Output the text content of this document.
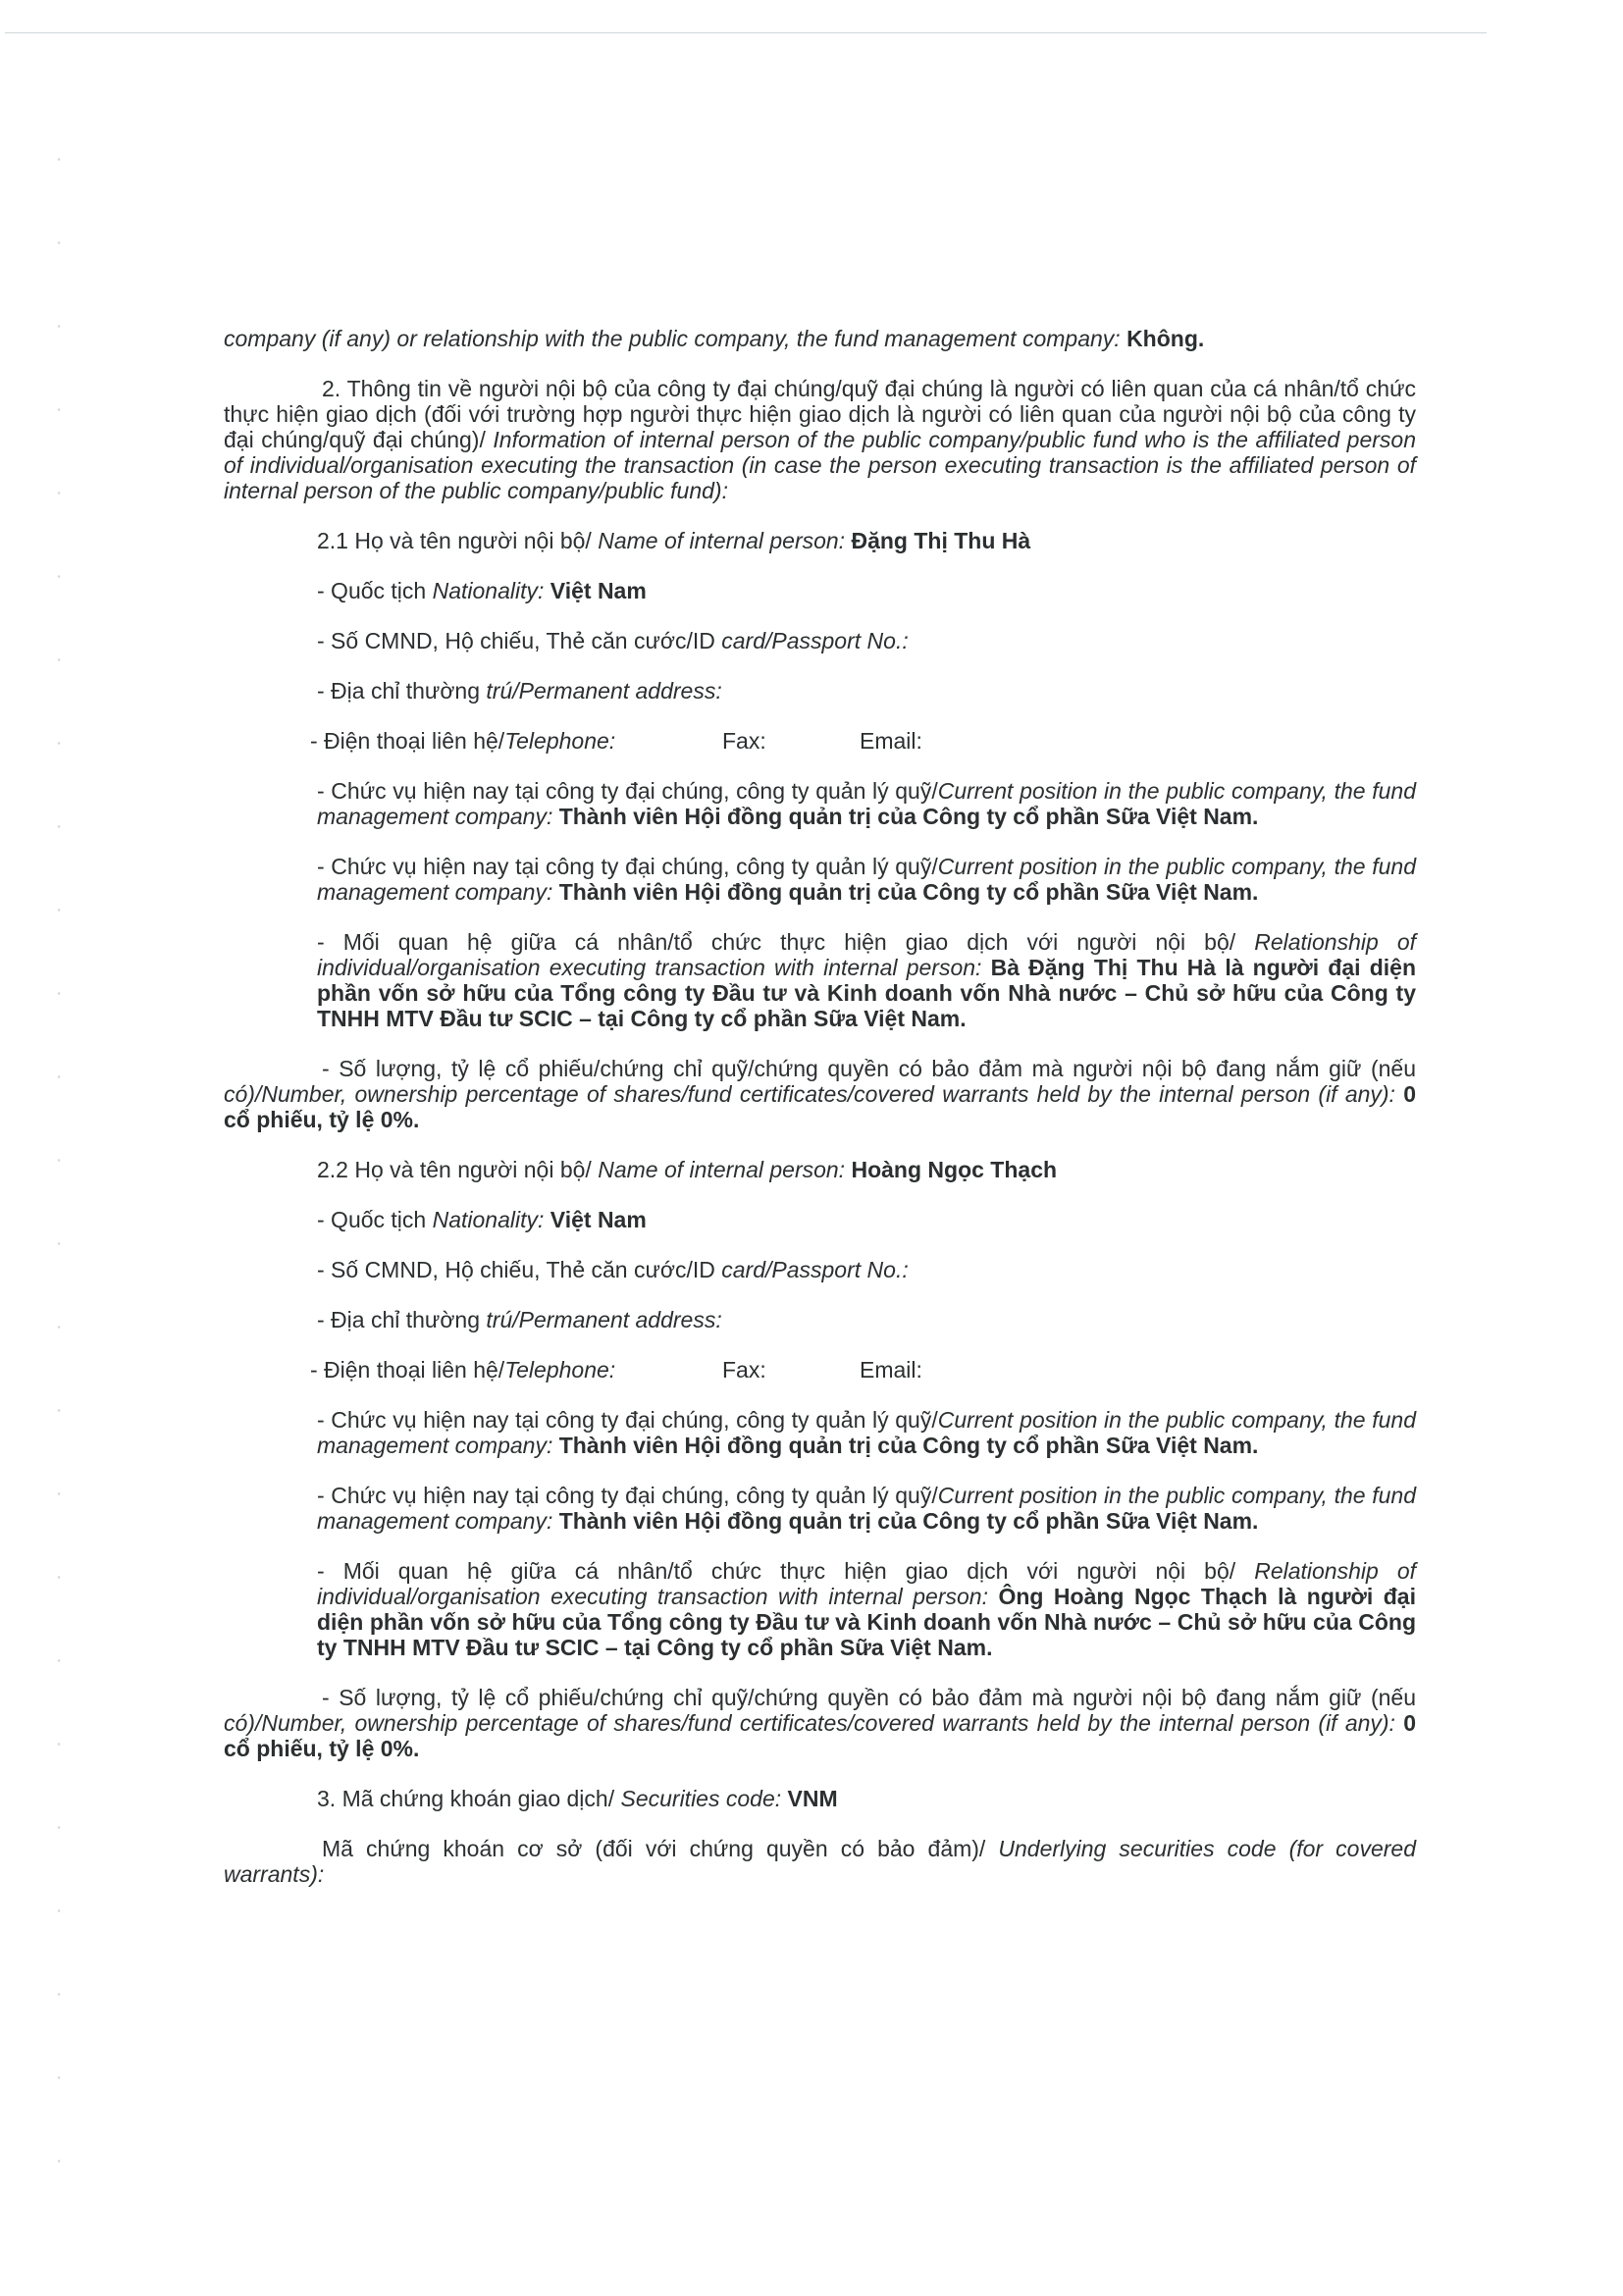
company (if any) or relationship with the public company, the fund management company: Không.

2. Thông tin về người nội bộ của công ty đại chúng/quỹ đại chúng là người có liên quan của cá nhân/tổ chức thực hiện giao dịch (đối với trường hợp người thực hiện giao dịch là người có liên quan của người nội bộ của công ty đại chúng/quỹ đại chúng)/ Information of internal person of the public company/public fund who is the affiliated person of individual/organisation executing the transaction (in case the person executing transaction is the affiliated person of internal person of the public company/public fund):

2.1 Họ và tên người nội bộ/ Name of internal person: Đặng Thị Thu Hà

- Quốc tịch Nationality: Việt Nam

- Số CMND, Hộ chiếu, Thẻ căn cước/ID card/Passport No.:

- Địa chỉ thường trú/Permanent address:

- Điện thoại liên hệ/Telephone:	Fax:	Email:

- Chức vụ hiện nay tại công ty đại chúng, công ty quản lý quỹ/Current position in the public company, the fund management company: Thành viên Hội đồng quản trị của Công ty cổ phần Sữa Việt Nam.

- Chức vụ hiện nay tại công ty đại chúng, công ty quản lý quỹ/Current position in the public company, the fund management company: Thành viên Hội đồng quản trị của Công ty cổ phần Sữa Việt Nam.

- Mối quan hệ giữa cá nhân/tổ chức thực hiện giao dịch với người nội bộ/ Relationship of individual/organisation executing transaction with internal person: Bà Đặng Thị Thu Hà là người đại diện phần vốn sở hữu của Tổng công ty Đầu tư và Kinh doanh vốn Nhà nước – Chủ sở hữu của Công ty TNHH MTV Đầu tư SCIC – tại Công ty cổ phần Sữa Việt Nam.

- Số lượng, tỷ lệ cổ phiếu/chứng chỉ quỹ/chứng quyền có bảo đảm mà người nội bộ đang nắm giữ (nếu có)/Number, ownership percentage of shares/fund certificates/covered warrants held by the internal person (if any): 0 cổ phiếu, tỷ lệ 0%.

2.2 Họ và tên người nội bộ/ Name of internal person: Hoàng Ngọc Thạch

- Quốc tịch Nationality: Việt Nam

- Số CMND, Hộ chiếu, Thẻ căn cước/ID card/Passport No.:

- Địa chỉ thường trú/Permanent address:

- Điện thoại liên hệ/Telephone:	Fax:	Email:

- Chức vụ hiện nay tại công ty đại chúng, công ty quản lý quỹ/Current position in the public company, the fund management company: Thành viên Hội đồng quản trị của Công ty cổ phần Sữa Việt Nam.

- Chức vụ hiện nay tại công ty đại chúng, công ty quản lý quỹ/Current position in the public company, the fund management company: Thành viên Hội đồng quản trị của Công ty cổ phần Sữa Việt Nam.

- Mối quan hệ giữa cá nhân/tổ chức thực hiện giao dịch với người nội bộ/ Relationship of individual/organisation executing transaction with internal person: Ông Hoàng Ngọc Thạch là người đại diện phần vốn sở hữu của Tổng công ty Đầu tư và Kinh doanh vốn Nhà nước – Chủ sở hữu của Công ty TNHH MTV Đầu tư SCIC – tại Công ty cổ phần Sữa Việt Nam.

- Số lượng, tỷ lệ cổ phiếu/chứng chỉ quỹ/chứng quyền có bảo đảm mà người nội bộ đang nắm giữ (nếu có)/Number, ownership percentage of shares/fund certificates/covered warrants held by the internal person (if any): 0 cổ phiếu, tỷ lệ 0%.

3. Mã chứng khoán giao dịch/ Securities code: VNM

Mã chứng khoán cơ sở (đối với chứng quyền có bảo đảm)/ Underlying securities code (for covered warrants):
